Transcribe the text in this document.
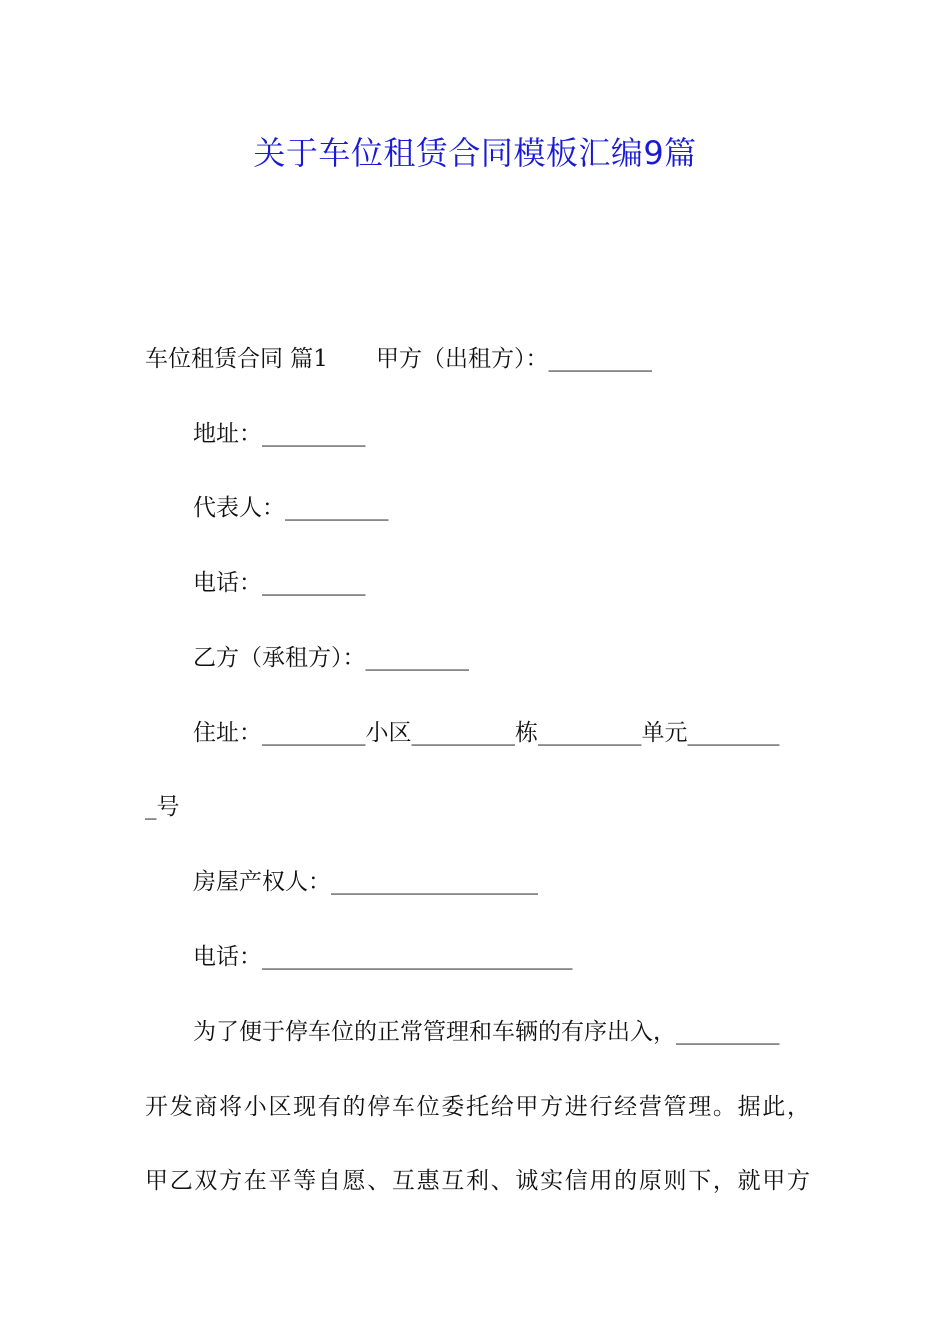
关于车位租赁合同模板汇编9篇
车位租赁合同 篇1 甲方（出租方）：_________
地址：_________
代表人：_________
电话：_________
乙方（承租方）：_________
住址：_________小区_________栋_________单元________
_号
房屋产权人：__________________
电话：___________________________
为了便于停车位的正常管理和车辆的有序出入，_________
开发商将小区现有的停车位委托给甲方进行经营管理。据此，
甲乙双方在平等自愿、互惠互利、诚实信用的原则下，就甲方
